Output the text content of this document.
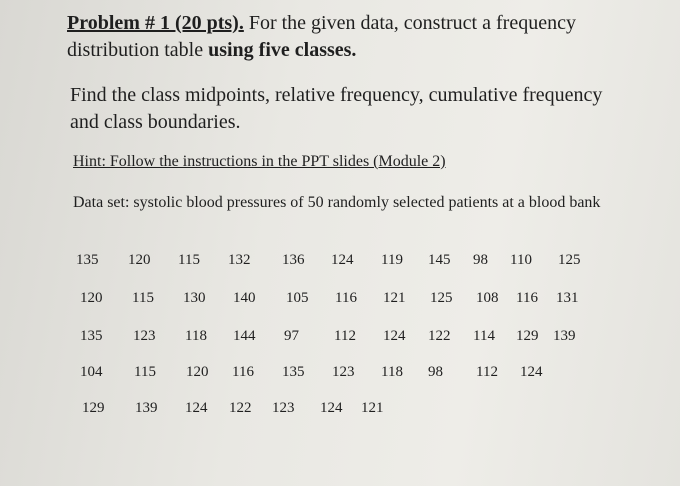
Problem # 1 (20 pts). For the given data, construct a frequency distribution table using five classes.
Find the class midpoints, relative frequency, cumulative frequency and class boundaries.
Hint: Follow the instructions in the PPT slides (Module 2)
Data set: systolic blood pressures of 50 randomly selected patients at a blood bank
135 120 115 132 136 124 119 145 98 110 125
120 115 130 140 105 116 121 125 108 116 131
135 123 118 144 97 112 124 122 114 129 139
104 115 120 116 135 123 118 98 112 124
129 139 124 122 123 124 121
